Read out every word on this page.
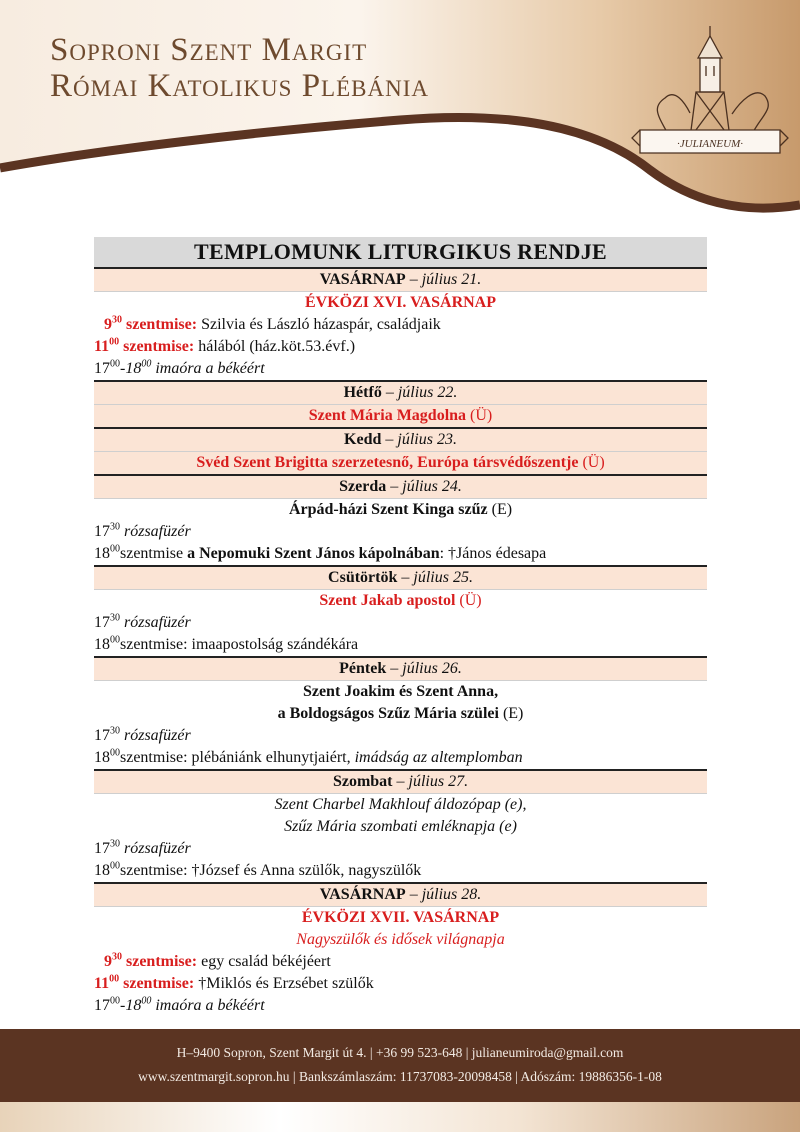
Soproni Szent Margit
Római Katolikus Plébánia
·JULIANEUM·
TEMPLOMUNK LITURGIKUS RENDJE
VASÁRNAP – július 21.
ÉVKÖZI XVI. VASÁRNAP
$9^{30}$ szentmise: Szilvia és László házaspár, családjaik
$11^{00}$ szentmise: hálából (ház.köt.53.évf.)
$17^{00}-18^{00}$ imaóra a békéért
Hétfő – július 22.
Szent Mária Magdolna (Ü)
Kedd – július 23.
Svéd Szent Brigitta szerzetesnő, Európa társvédőszentje (Ü)
Szerda – július 24.
Árpád-házi Szent Kinga szűz (E)
$17^{30}$ rózsafüzér
$18^{00}szentmise$ a Nepomuki Szent János kápolnában: †János édesapa
Csütörtök – július 25.
Szent Jakab apostol (Ü)
$17^{30}$ rózsafüzér
$18^{00}szentmise$: imaapostolság szándékára
Péntek – július 26.
Szent Joakim és Szent Anna,
a Boldogságos Szűz Mária szülei (E)
$17^{30}$ rózsafüzér
$18^{00}szentmise$: plébániánk elhunytjaiért, imádság az altemplomban
Szombat – július 27.
Szent Charbel Makhlouf áldozópap (e),
Szűz Mária szombati emléknapja (e)
$17^{30}$ rózsafüzér
$18^{00}szentmise$: †József és Anna szülők, nagyszülők
VASÁRNAP – július 28.
ÉVKÖZI XVII. VASÁRNAP
Nagyszülők és idősek világnapja
$9^{30}$ szentmise: egy család békéjéert
$11^{00}$ szentmise: †Miklós és Erzsébet szülők
$17^{00}-18^{00}$ imaóra a békéért
H–9400 Sopron, Szent Margit út 4. | +36 99 523-648 | julianeumiroda@gmail.com
www.szentmargit.sopron.hu | Bankszámlaszám: 11737083-20098458 | Adószám: 19886356-1-08
